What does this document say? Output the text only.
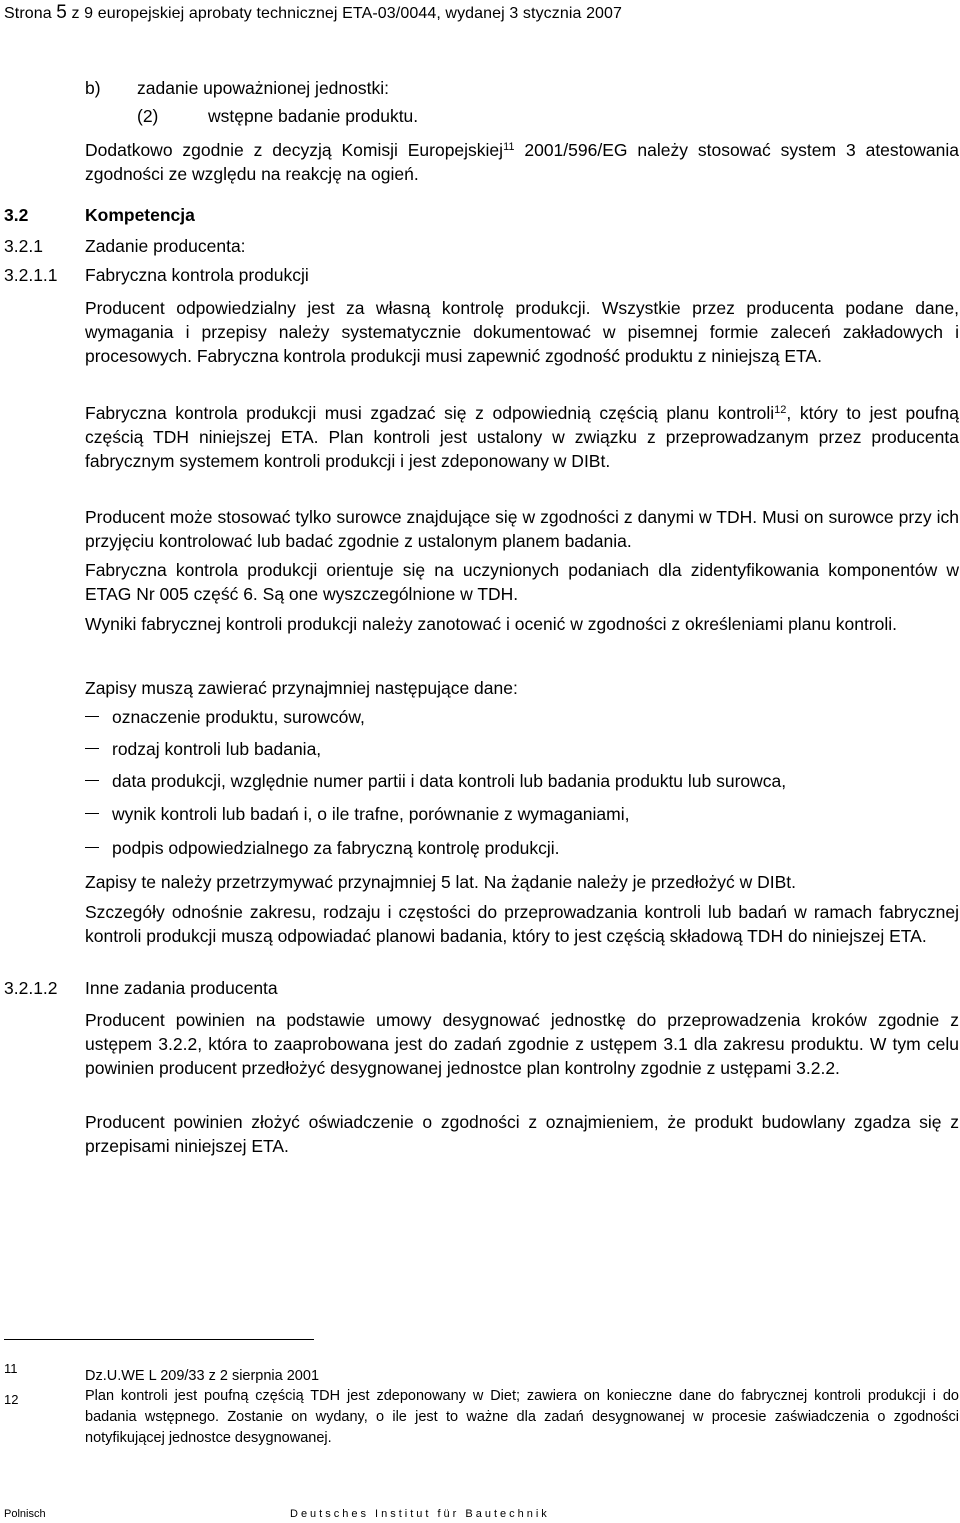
Strona 5 z 9 europejskiej aprobaty technicznej ETA-03/0044, wydanej 3 stycznia 2007
b) zadanie upoważnionej jednostki:
(2)	wstępne badanie produktu.
Dodatkowo zgodnie z decyzją Komisji Europejskiej$^{11}$ 2001/596/EG należy stosować system 3 atestowania zgodności ze względu na reakcję na ogień.
3.2	Kompetencja
3.2.1 Zadanie producenta:
3.2.1.1 Fabryczna kontrola produkcji
Producent odpowiedzialny jest za własną kontrolę produkcji. Wszystkie przez producenta podane dane, wymagania i przepisy należy systematycznie dokumentować w pisemnej formie zaleceń zakładowych i procesowych. Fabryczna kontrola produkcji musi zapewnić zgodność produktu z niniejszą ETA.
Fabryczna kontrola produkcji musi zgadzać się z odpowiednią częścią planu kontroli$^{12}$, który to jest poufną częścią TDH niniejszej ETA. Plan kontroli jest ustalony w związku z przeprowadzanym przez producenta fabrycznym systemem kontroli produkcji i jest zdeponowany w DIBt.
Producent może stosować tylko surowce znajdujące się w zgodności z danymi w TDH. Musi on surowce przy ich przyjęciu kontrolować lub badać zgodnie z ustalonym planem badania.
Fabryczna kontrola produkcji orientuje się na uczynionych podaniach dla zidentyfikowania komponentów w ETAG Nr 005 część 6. Są one wyszczególnione w TDH.
Wyniki fabrycznej kontroli produkcji należy zanotować i ocenić w zgodności z określeniami planu kontroli.
Zapisy muszą zawierać przynajmniej następujące dane:
oznaczenie produktu, surowców,
rodzaj kontroli lub badania,
data produkcji, względnie numer partii i data kontroli lub badania produktu lub surowca,
wynik kontroli lub badań i, o ile trafne, porównanie z wymaganiami,
podpis odpowiedzialnego za fabryczną kontrolę produkcji.
Zapisy te należy przetrzymywać przynajmniej 5 lat. Na żądanie należy je przedłożyć w DIBt.
Szczegóły odnośnie zakresu, rodzaju i częstości do przeprowadzania kontroli lub badań w ramach fabrycznej kontroli produkcji muszą odpowiadać planowi badania, który to jest częścią składową TDH do niniejszej ETA.
3.2.1.2 Inne zadania producenta
Producent powinien na podstawie umowy desygnować jednostkę do przeprowadzenia kroków zgodnie z ustępem 3.2.2, która to zaaprobowana jest do zadań zgodnie z ustępem 3.1 dla zakresu produktu. W tym celu powinien producent przedłożyć desygnowanej jednostce plan kontrolny zgodnie z ustępami 3.2.2.
Producent powinien złożyć oświadczenie o zgodności z oznajmieniem, że produkt budowlany zgadza się z przepisami niniejszej ETA.
11	Dz.U.WE L 209/33 z 2 sierpnia 2001
12	Plan kontroli jest poufną częścią TDH jest zdeponowany w Diet; zawiera on konieczne dane do fabrycznej kontroli produkcji i do badania wstępnego. Zostanie on wydany, o ile jest to ważne dla zadań desygnowanej w procesie zaświadczenia o zgodności notyfikującej jednostce desygnowanej.
Polnisch	Deutsches Institut für Bautechnik
